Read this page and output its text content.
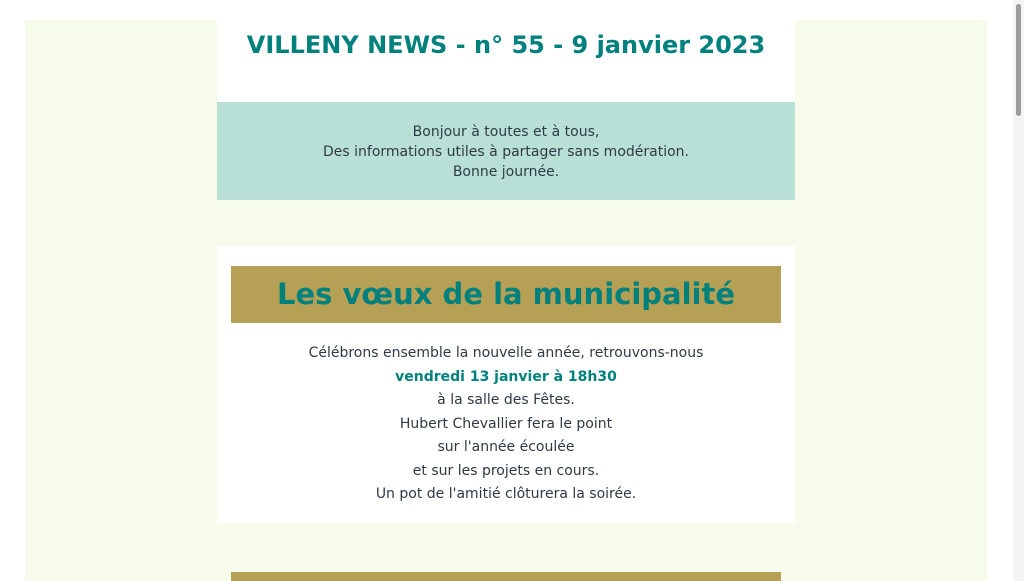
VILLENY NEWS - n° 55 - 9 janvier 2023
Bonjour à toutes et à tous,
Des informations utiles à partager sans modération.
Bonne journée.
Les vœux de la municipalité
Célébrons ensemble la nouvelle année, retrouvons-nous
vendredi 13 janvier à 18h30
à la salle des Fêtes.
Hubert Chevallier fera le point
sur l'année écoulée
et sur les projets en cours.
Un pot de l'amitié clôturera la soirée.
